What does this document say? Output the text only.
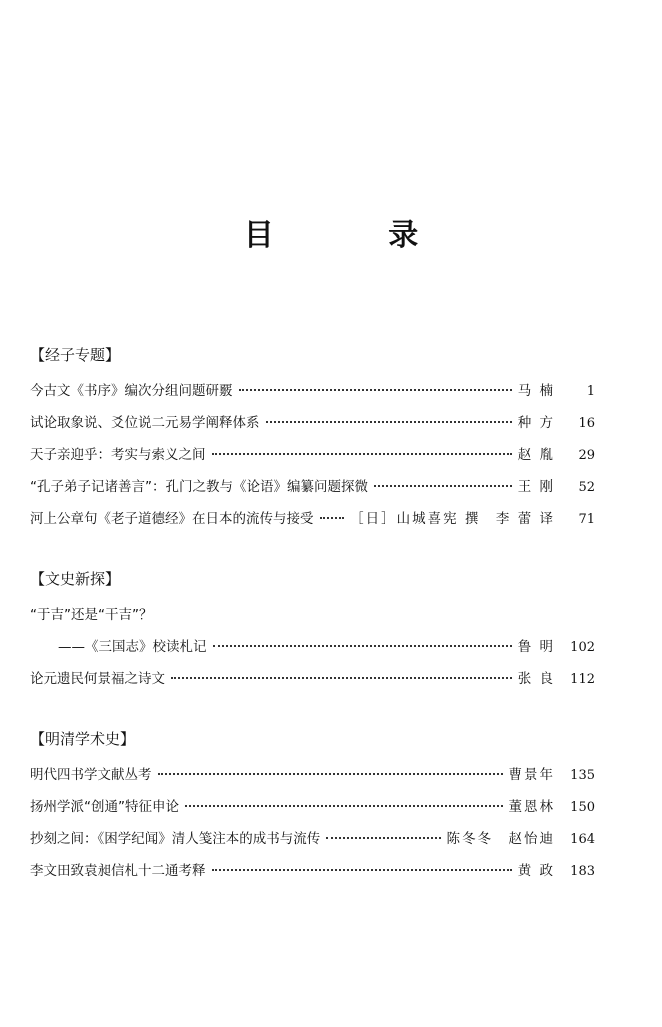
目 录
【经子专题】
今古文《书序》编次分组问题研覈	马 楠	1
试论取象说、爻位说二元易学阐释体系	种 方	16
天子亲迎乎：考实与索义之间	赵 胤	29
“孔子弟子记诸善言”：孔门之教与《论语》编纂问题探微	王 刚	52
河上公章句《老子道德经》在日本的流传与接受	［日］山城喜宪 撰　李 蕾 译	71
【文史新探】
“于吉”还是“干吉”？
——《三国志》校读札记	鲁 明	102
论元遗民何景福之诗文	张 良	112
【明清学术史】
明代四书学文献丛考	曹景年	135
扬州学派“创通”特征申论	董恩林	150
抄刻之间：《困学纪闻》清人笺注本的成书与流传	陈冬冬　赵怡迪	164
李文田致袁昶信札十二通考释	黄 政	183
